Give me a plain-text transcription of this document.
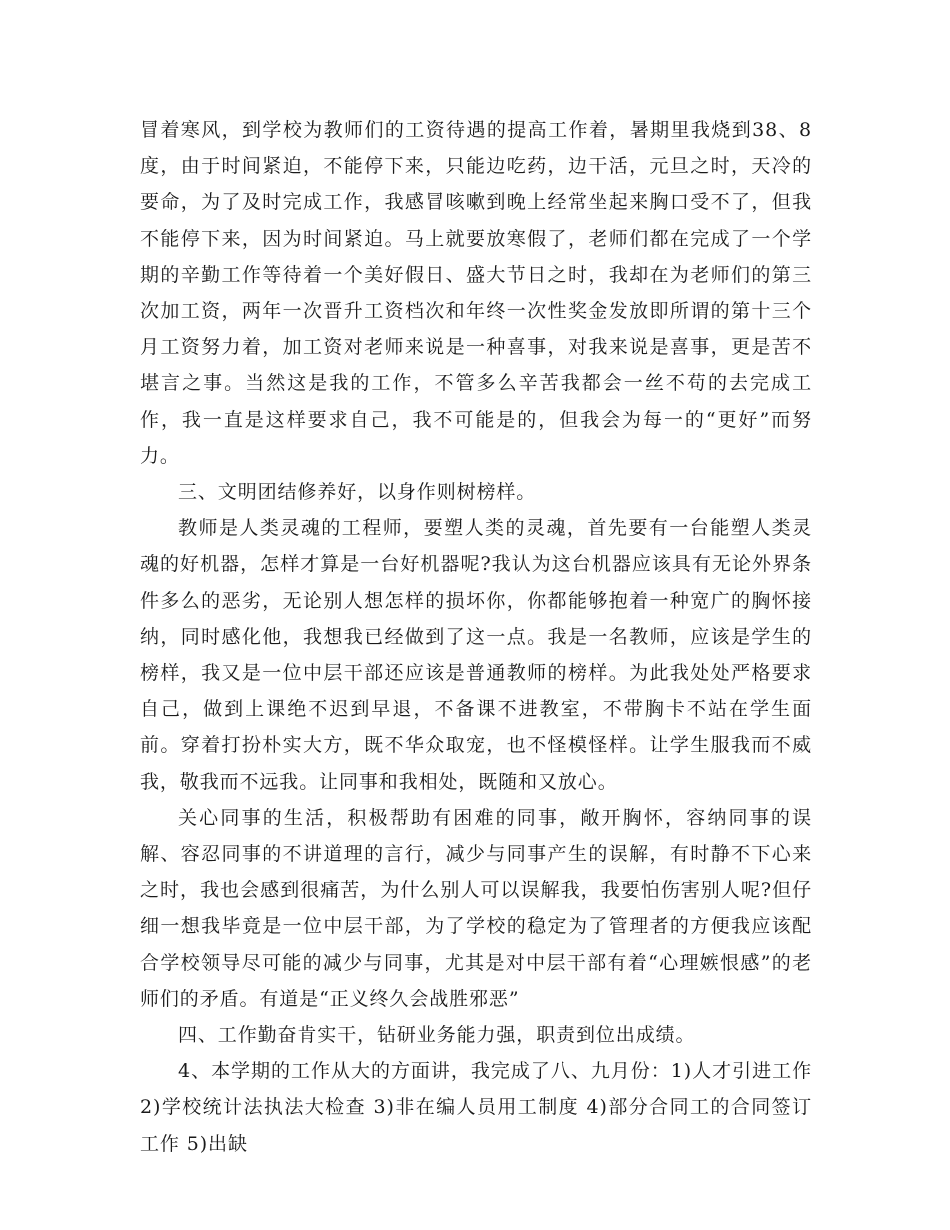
冒着寒风，到学校为教师们的工资待遇的提高工作着，暑期里我烧到38、8度，由于时间紧迫，不能停下来，只能边吃药，边干活，元旦之时，天冷的要命，为了及时完成工作，我感冒咳嗽到晚上经常坐起来胸口受不了，但我不能停下来，因为时间紧迫。马上就要放寒假了，老师们都在完成了一个学期的辛勤工作等待着一个美好假日、盛大节日之时，我却在为老师们的第三次加工资，两年一次晋升工资档次和年终一次性奖金发放即所谓的第十三个月工资努力着，加工资对老师来说是一种喜事，对我来说是喜事，更是苦不堪言之事。当然这是我的工作，不管多么辛苦我都会一丝不苟的去完成工作，我一直是这样要求自己，我不可能是的，但我会为每一的“更好”而努力。

三、文明团结修养好，以身作则树榜样。

教师是人类灵魂的工程师，要塑人类的灵魂，首先要有一台能塑人类灵魂的好机器，怎样才算是一台好机器呢?我认为这台机器应该具有无论外界条件多么的恶劣，无论别人想怎样的损坏你，你都能够抱着一种宽广的胸怀接纳，同时感化他，我想我已经做到了这一点。我是一名教师，应该是学生的榜样，我又是一位中层干部还应该是普通教师的榜样。为此我处处严格要求自己，做到上课绝不迟到早退，不备课不进教室，不带胸卡不站在学生面前。穿着打扮朴实大方，既不华众取宠，也不怪模怪样。让学生服我而不威我，敬我而不远我。让同事和我相处，既随和又放心。

关心同事的生活，积极帮助有困难的同事，敞开胸怀，容纳同事的误解、容忍同事的不讲道理的言行，减少与同事产生的误解，有时静不下心来之时，我也会感到很痛苦，为什么别人可以误解我，我要怕伤害别人呢?但仔细一想我毕竟是一位中层干部，为了学校的稳定为了管理者的方便我应该配合学校领导尽可能的减少与同事，尤其是对中层干部有着“心理嫉恨感”的老师们的矛盾。有道是“正义终久会战胜邪恶”

四、工作勤奋肯实干，钻研业务能力强，职责到位出成绩。

4、本学期的工作从大的方面讲，我完成了八、九月份：1)人才引进工作 2)学校统计法执法大检查 3)非在编人员用工制度 4)部分合同工的合同签订工作 5)出缺
